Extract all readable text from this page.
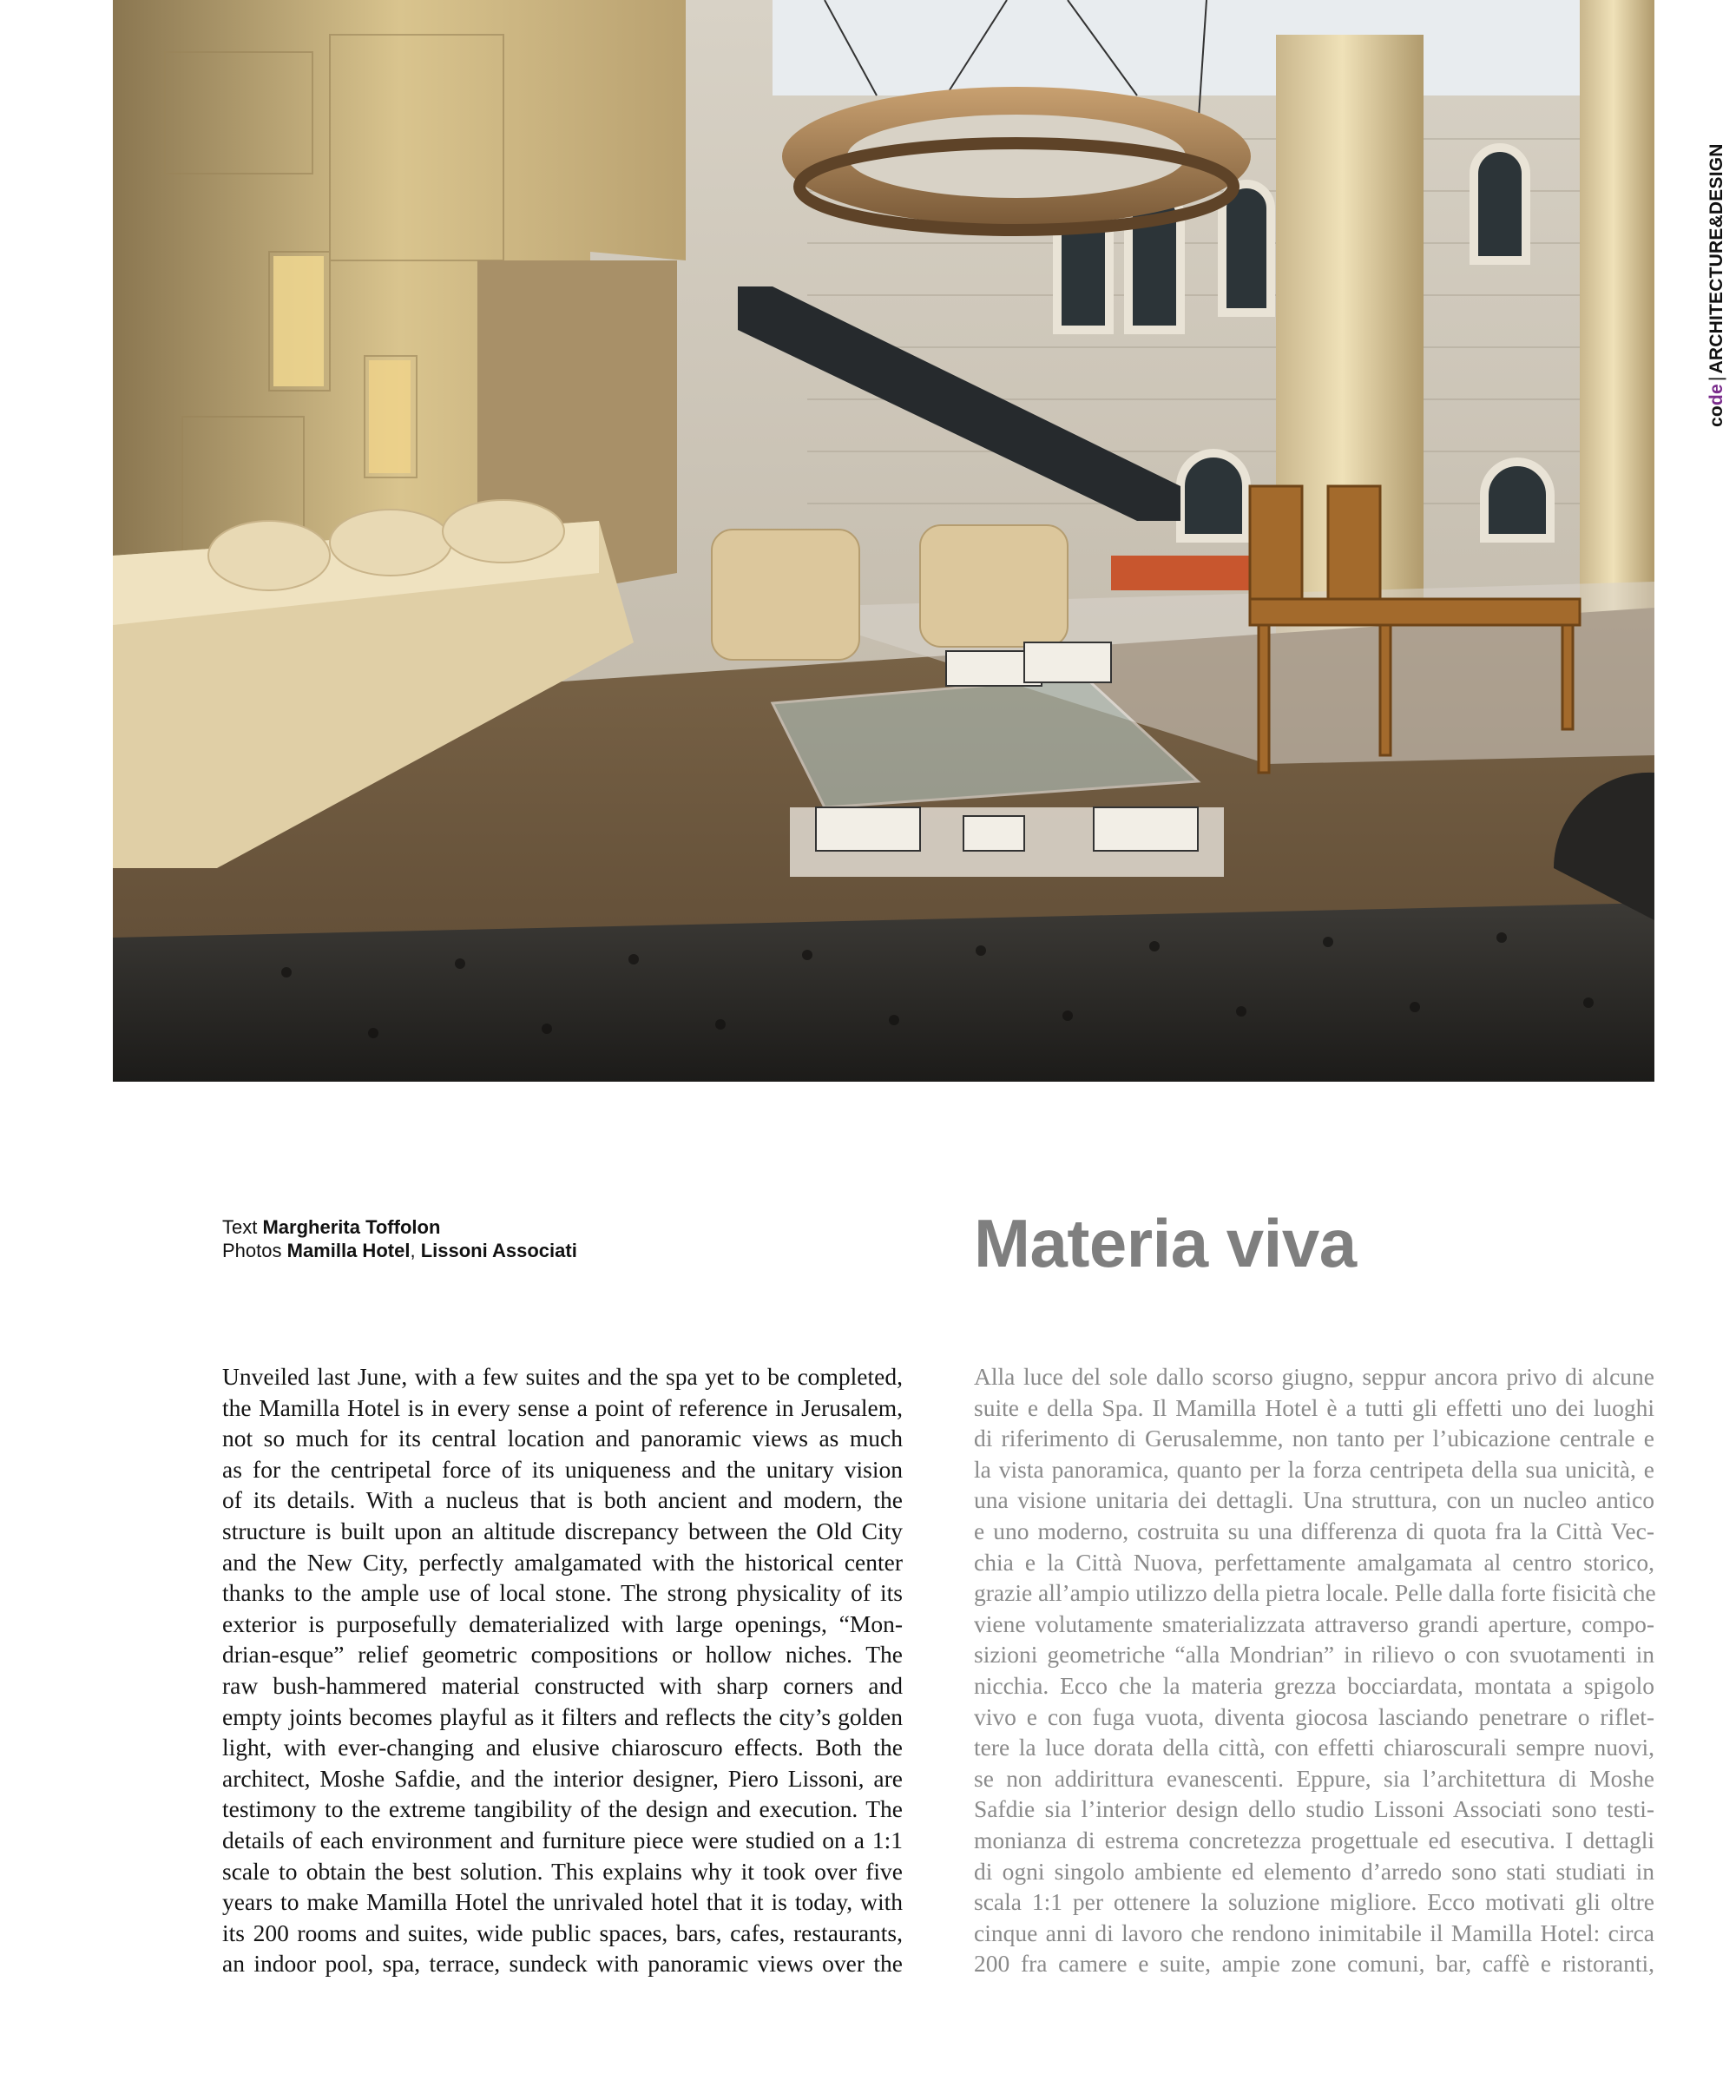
code|ARCHITECTURE&DESIGN
Text Margherita Toffolon
Photos Mamilla Hotel, Lissoni Associati	Materia viva
Unveiled last June, with a few suites and the spa yet to be completed,
the Mamilla Hotel is in every sense a point of reference in Jerusalem,
not so much for its central location and panoramic views as much
as for the centripetal force of its uniqueness and the unitary vision
of its details. With a nucleus that is both ancient and modern, the
structure is built upon an altitude discrepancy between the Old City
and the New City, perfectly amalgamated with the historical center
thanks to the ample use of local stone. The strong physicality of its
exterior is purposefully dematerialized with large openings, “Mon-
drian-esque” relief geometric compositions or hollow niches. The
raw bush-hammered material constructed with sharp corners and
empty joints becomes playful as it filters and reflects the city’s golden
light, with ever-changing and elusive chiaroscuro effects. Both the
architect, Moshe Safdie, and the interior designer, Piero Lissoni, are
testimony to the extreme tangibility of the design and execution. The
details of each environment and furniture piece were studied on a 1:1
scale to obtain the best solution. This explains why it took over five
years to make Mamilla Hotel the unrivaled hotel that it is today, with
its 200 rooms and suites, wide public spaces, bars, cafes, restaurants,
an indoor pool, spa, terrace, sundeck with panoramic views over the
Alla luce del sole dallo scorso giugno, seppur ancora privo di alcune
suite e della Spa. Il Mamilla Hotel è a tutti gli effetti uno dei luoghi
di riferimento di Gerusalemme, non tanto per l’ubicazione centrale e
la vista panoramica, quanto per la forza centripeta della sua unicità, e
una visione unitaria dei dettagli. Una struttura, con un nucleo antico
e uno moderno, costruita su una differenza di quota fra la Città Vec-
chia e la Città Nuova, perfettamente amalgamata al centro storico,
grazie all’ampio utilizzo della pietra locale. Pelle dalla forte fisicità che
viene volutamente smaterializzata attraverso grandi aperture, compo-
sizioni geometriche “alla Mondrian” in rilievo o con svuotamenti in
nicchia. Ecco che la materia grezza bocciardata, montata a spigolo
vivo e con fuga vuota, diventa giocosa lasciando penetrare o riflet-
tere la luce dorata della città, con effetti chiaroscurali sempre nuovi,
se non addirittura evanescenti. Eppure, sia l’architettura di Moshe
Safdie sia l’interior design dello studio Lissoni Associati sono testi-
monianza di estrema concretezza progettuale ed esecutiva. I dettagli
di ogni singolo ambiente ed elemento d’arredo sono stati studiati in
scala 1:1 per ottenere la soluzione migliore. Ecco motivati gli oltre
cinque anni di lavoro che rendono inimitabile il Mamilla Hotel: circa
200 fra camere e suite, ampie zone comuni, bar, caffè e ristoranti,
